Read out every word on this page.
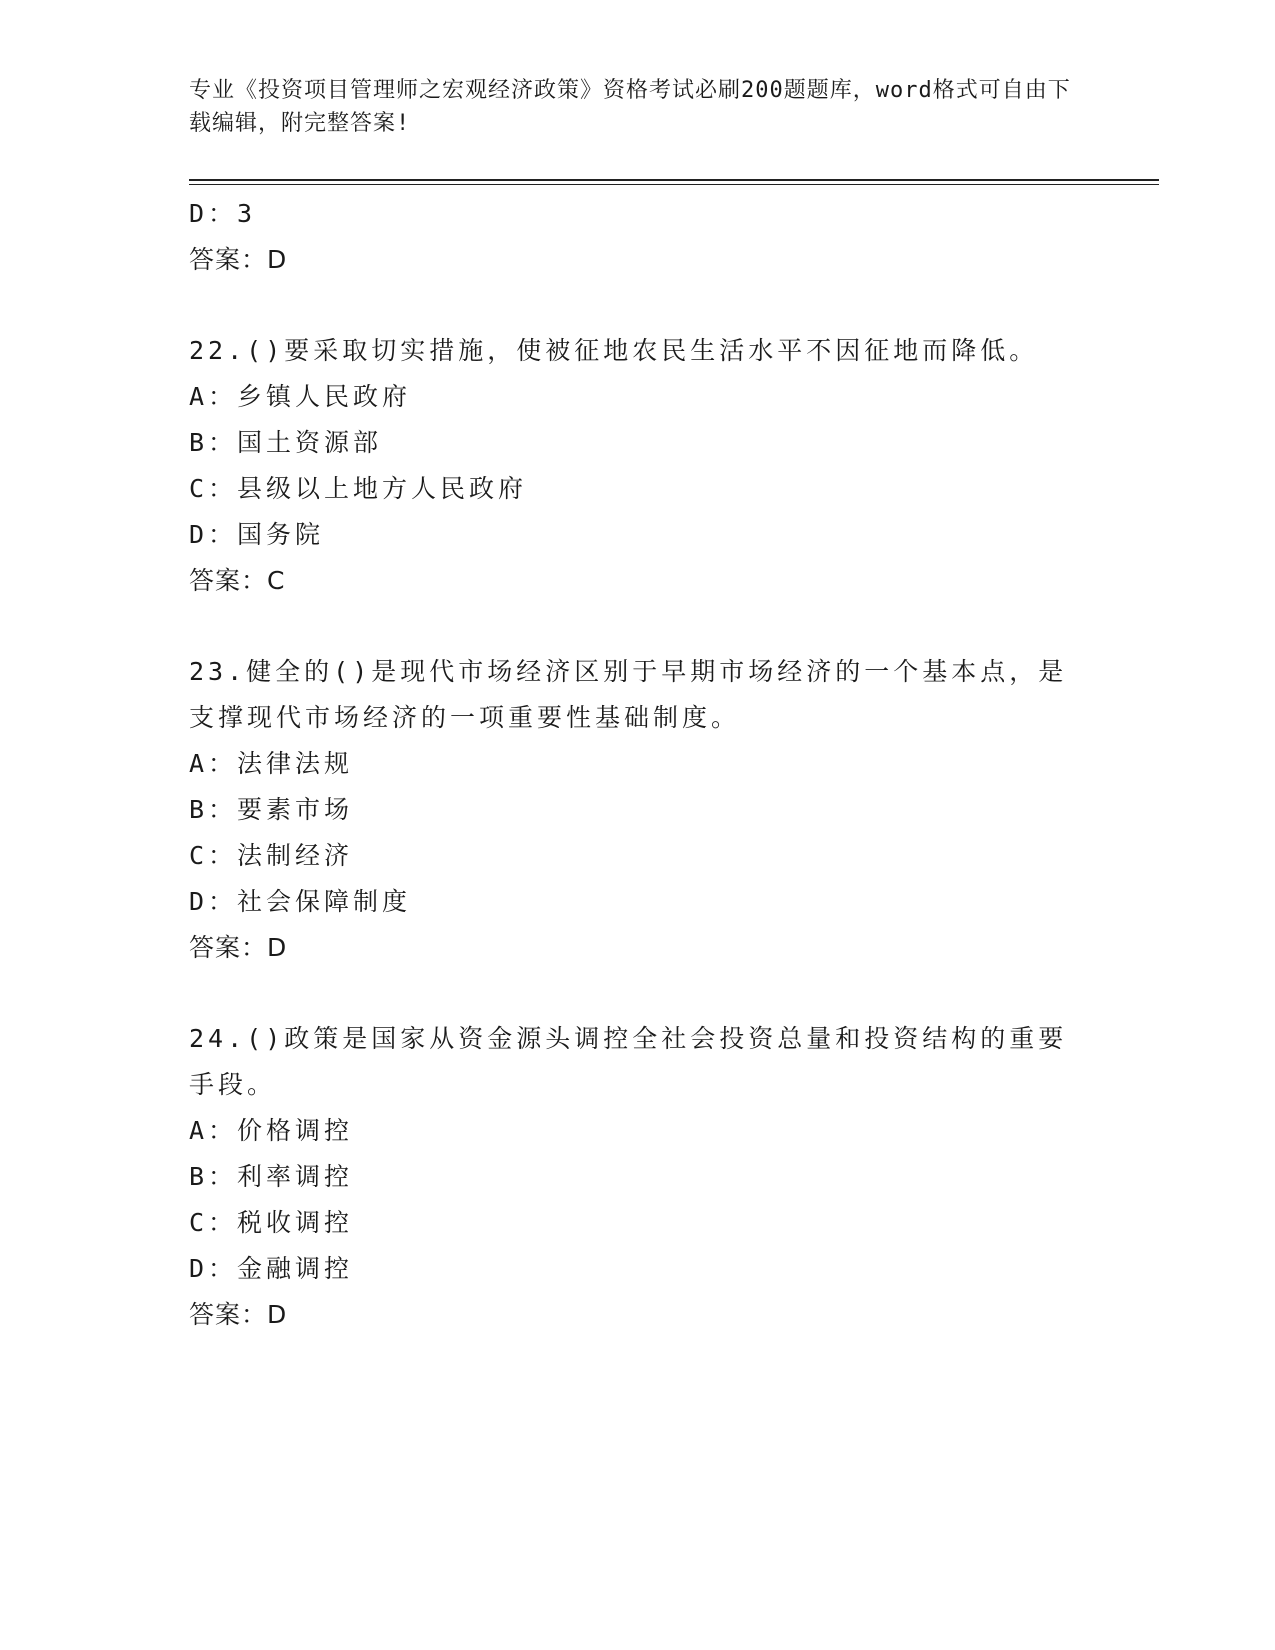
专业《投资项目管理师之宏观经济政策》资格考试必刷200题题库，word格式可自由下载编辑，附完整答案!
D：3
答案：D
22.()要采取切实措施，使被征地农民生活水平不因征地而降低。
A：乡镇人民政府
B：国土资源部
C：县级以上地方人民政府
D：国务院
答案：C
23.健全的()是现代市场经济区别于早期市场经济的一个基本点，是支撑现代市场经济的一项重要性基础制度。
A：法律法规
B：要素市场
C：法制经济
D：社会保障制度
答案：D
24.()政策是国家从资金源头调控全社会投资总量和投资结构的重要手段。
A：价格调控
B：利率调控
C：税收调控
D：金融调控
答案：D
